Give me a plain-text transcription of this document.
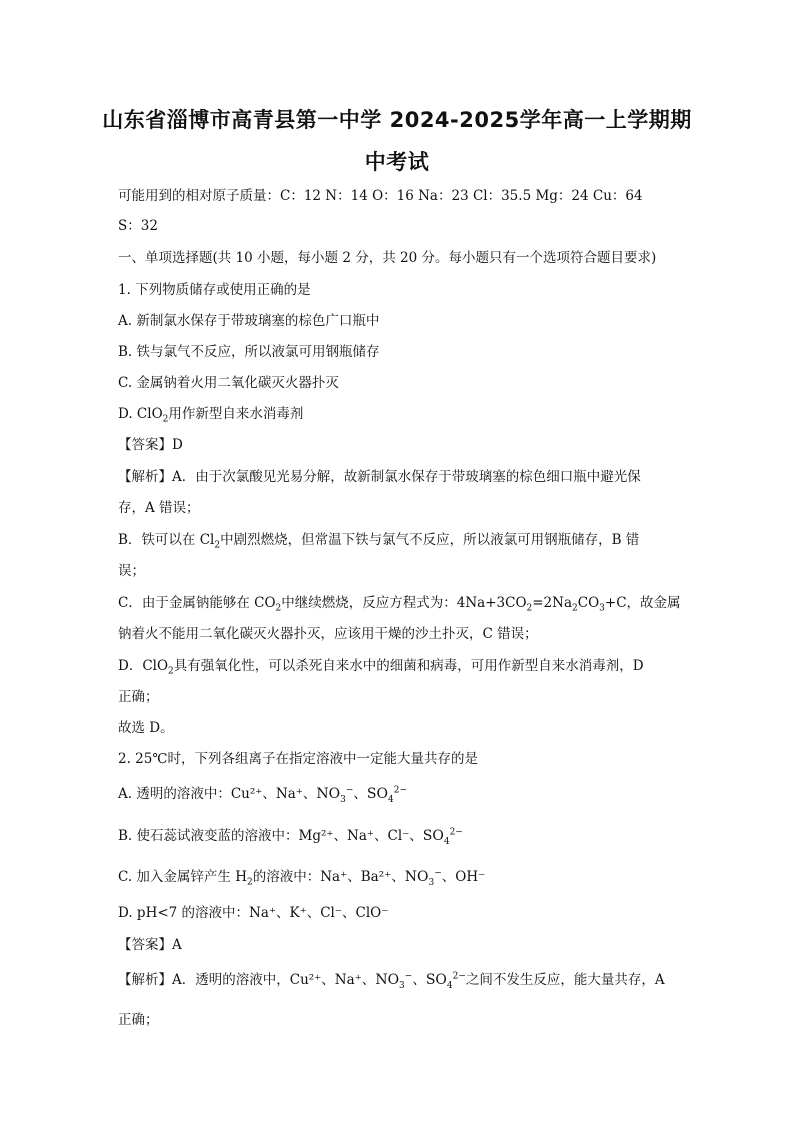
山东省淄博市高青县第一中学 2024-2025学年高一上学期期
中考试
可能用到的相对原子质量：C：12 N：14 O：16 Na：23 Cl：35.5 Mg：24 Cu：64
S：32
一、单项选择题(共 10 小题，每小题 2 分，共 20 分。每小题只有一个选项符合题目要求)
1. 下列物质储存或使用正确的是
A. 新制氯水保存于带玻璃塞的棕色广口瓶中
B. 铁与氯气不反应，所以液氯可用钢瓶储存
C. 金属钠着火用二氧化碳灭火器扑灭
D. ClO$_2$用作新型自来水消毒剂
【答案】D
【解析】A．由于次氯酸见光易分解，故新制氯水保存于带玻璃塞的棕色细口瓶中避光保
存，A 错误；
B．铁可以在 $Cl_2$中剧烈燃烧，但常温下铁与氯气不反应，所以液氯可用钢瓶储存，B 错
误；
C．由于金属钠能够在 $CO_2$中继续燃烧，反应方程式为：$4Na+3CO_2=2Na_2CO_3+C$，故金属
钠着火不能用二氧化碳灭火器扑灭，应该用干燥的沙土扑灭，C 错误；
D．ClO$_2$具有强氧化性，可以杀死自来水中的细菌和病毒，可用作新型自来水消毒剂，D
正确；
故选 D。
2. 25℃时，下列各组离子在指定溶液中一定能大量共存的是
A. 透明的溶液中：Cu²⁺、Na⁺、$NO_3^-$、$SO_4^{2-}$
B. 使石蕊试液变蓝的溶液中：Mg²⁺、Na⁺、Cl⁻、$SO_4^{2-}$
C. 加入金属锌产生 $H_2$的溶液中：Na⁺、Ba²⁺、$NO_3^-$、OH⁻
D. pH<7 的溶液中：Na⁺、K⁺、Cl⁻、ClO⁻
【答案】A
【解析】A．透明的溶液中，Cu²⁺、Na⁺、$NO_3^-$、$SO_4^{2-}$之间不发生反应，能大量共存，A
正确；
